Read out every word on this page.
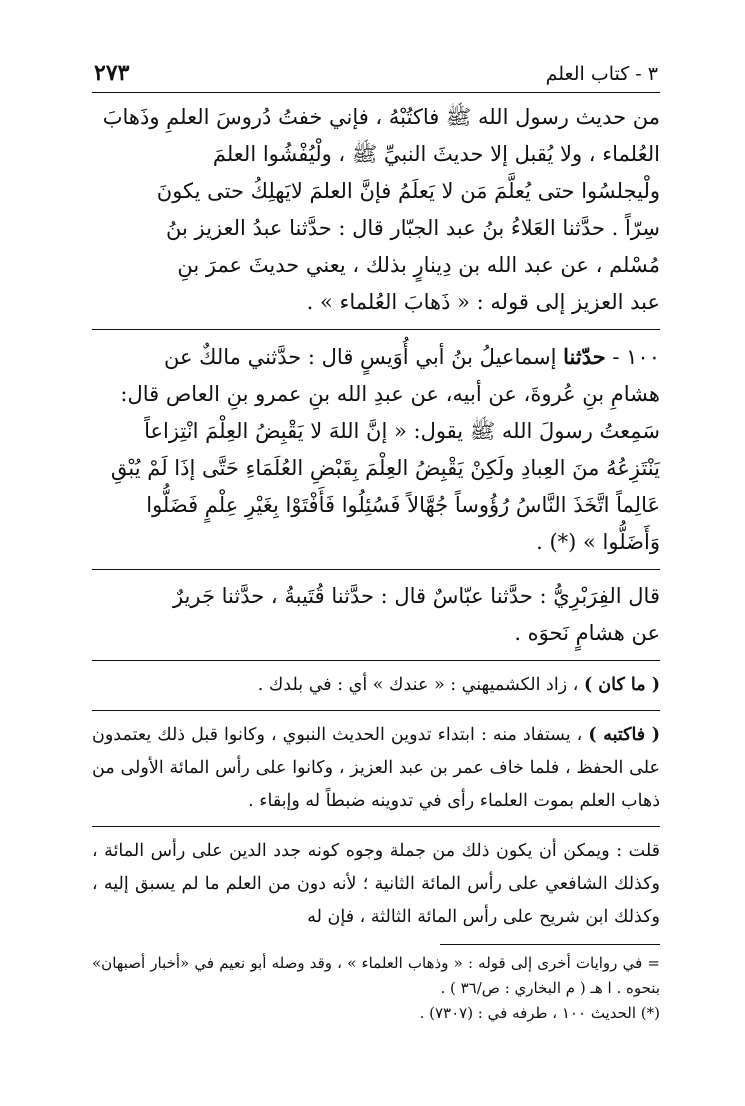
٣ - كتاب العلم
٢٧٣
من حديث رسول الله ﷺ فاكتُبْهُ ، فإني خفتُ دُروسَ العلمِ وذَهابَ
العُلماء ، ولا يُقبل إلا حديثَ النبيِّ ﷺ ، ولْيُفْشُوا العلمَ
ولْيجلسُوا حتى يُعلَّمَ مَن لا يَعلَمُ فإنَّ العلمَ لايَهلِكُ حتى يكونَ
سِرّاً . حدَّثنا العَلاءُ بنُ عبد الجبّار قال : حدَّثنا عبدُ العزيز بنُ
مُسْلم ، عن عبد الله بن دِينارٍ بذلك ، يعني حديثَ عمرَ بنِ
عبد العزيز إلى قوله : « ذَهابَ العُلماء » .
١٠٠ - حدّثنا إسماعيلُ بنُ أبي أُوَيسٍ قال : حدَّثني مالكٌ عن
هشامِ بنِ عُروةَ، عن أبيه، عن عبدِ الله بنِ عمرو بنِ العاص قال:
سَمِعتُ رسولَ الله ﷺ يقول: « إنَّ اللهَ لا يَقْبِضُ العِلْمَ انْتِزاعاً
يَنْتَزِعُهُ منَ العِبادِ ولَكِنْ يَقْبِضُ العِلْمَ بِقَبْضِ العُلَمَاءِ حَتَّى إذَا لَمْ يُبْقِ
عَالِماً اتَّخَذَ النَّاسُ رُؤُوساً جُهَّالاً فَسُئِلُوا فَأَفْتَوْا بِغَيْرِ عِلْمٍ فَضَلُّوا
وَأَضَلُّوا » (*) .
قال الفِرَبْرِيُّ : حدَّثنا عبّاسٌ قال : حدَّثنا قُتَيبةُ ، حدَّثنا جَريرٌ
عن هشامٍ نَحوَه .

( ما كان ) ، زاد الكشميهني : « عندك » أي : في بلدك .

( فاكتبه ) ، يستفاد منه : ابتداء تدوين الحديث النبوي ، وكانوا قبل ذلك يعتمدون على الحفظ ، فلما خاف عمر بن عبد العزيز ، وكانوا على رأس المائة الأولى من ذهاب العلم بموت العلماء رأى في تدوينه ضبطاً له وإبقاء .

قلت : ويمكن أن يكون ذلك من جملة وجوه كونه جدد الدين على رأس المائة ، وكذلك الشافعي على رأس المائة الثانية ؛ لأنه دون من العلم ما لم يسبق إليه ، وكذلك ابن شريح على رأس المائة الثالثة ، فإن له

= في روايات أخرى إلى قوله : « وذهاب العلماء » ، وقد وصله أبو نعيم في «أخبار أصبهان» بنحوه . ا هـ ( م البخاري : ص/٣٦ ) .

(*) الحديث ١٠٠ ، طرفه في : (٧٣٠٧) .
